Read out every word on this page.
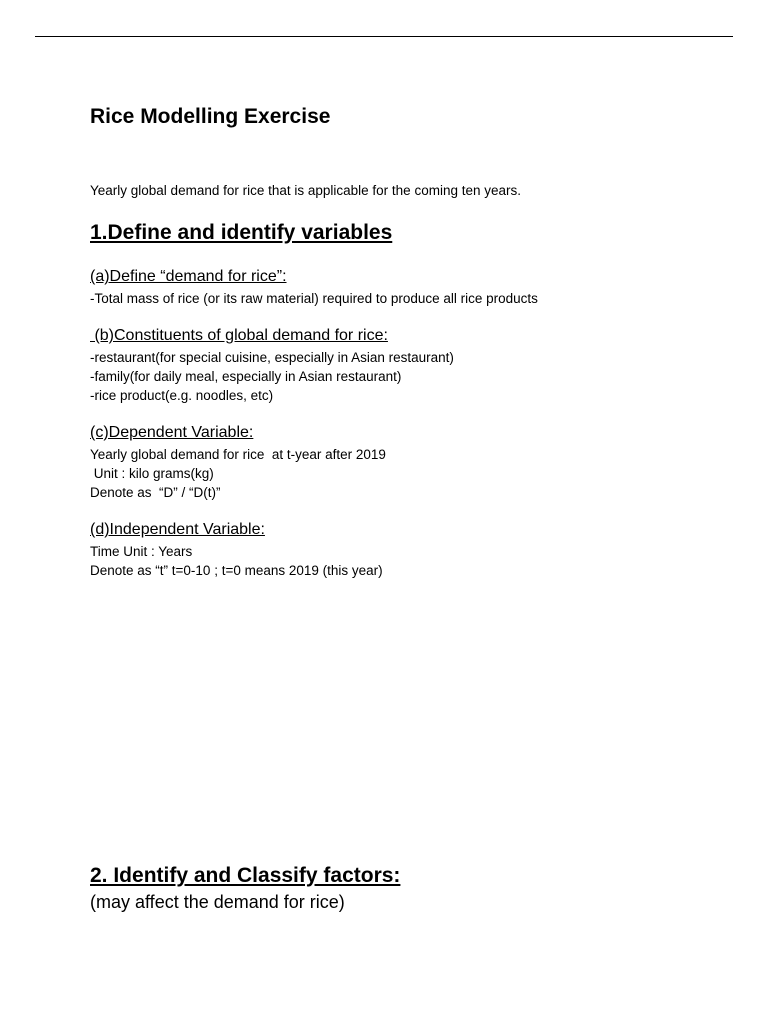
Rice Modelling Exercise
Yearly global demand for rice that is applicable for the coming ten years.
1.Define and identify variables
(a)Define “demand for rice”:
-Total mass of rice (or its raw material) required to produce all rice products
(b)Constituents of global demand for rice:
-restaurant(for special cuisine, especially in Asian restaurant)
-family(for daily meal, especially in Asian restaurant)
-rice product(e.g. noodles, etc)
(c)Dependent Variable:
Yearly global demand for rice  at t-year after 2019
Unit : kilo grams(kg)
Denote as  “D” / “D(t)”
(d)Independent Variable:
Time Unit : Years
Denote as “t” t=0-10 ; t=0 means 2019 (this year)
2. Identify and Classify factors:
(may affect the demand for rice)
